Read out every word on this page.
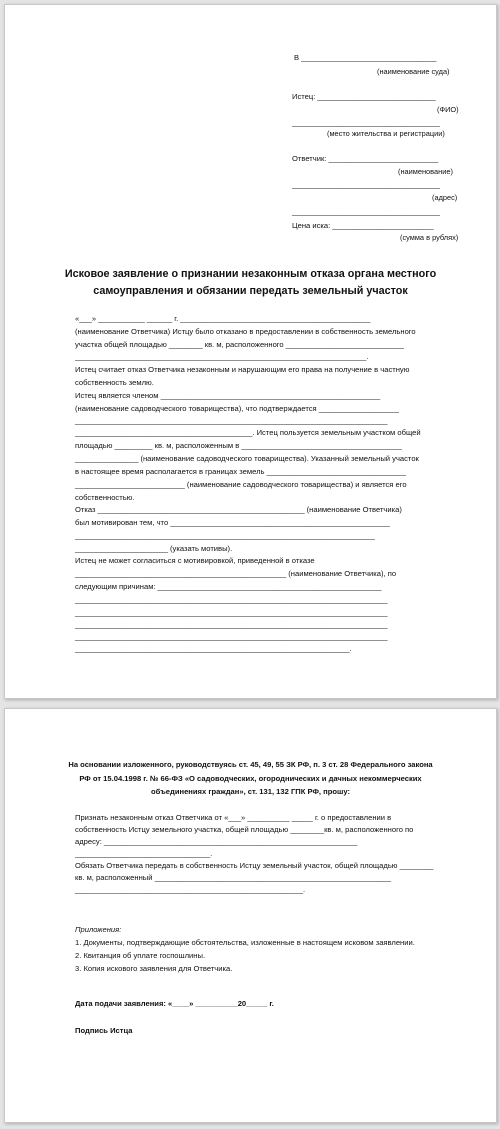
В ________________________________

(наименование суда)

Истец: ____________________________

(ФИО)

___________________________________

(место жительства и регистрации)

Ответчик: __________________________

(наименование)

___________________________________

(адрес)

___________________________________

Цена иска: ________________________

(сумма в рублях)

Исковое заявление о признании незаконным отказа органа местного

самоуправления и обязании передать земельный участок

«___» ___________ ______ г. _____________________________________________

(наименование Ответчика) Истцу было отказано в предоставлении в собственность земельного

участка общей площадью ________ кв. м, расположенного ____________________________

_____________________________________________________________________.

Истец считает отказ Ответчика незаконным и нарушающим его права на получение в частную

собственность землю.

Истец является членом ____________________________________________________

(наименование садоводческого товарищества), что подтверждается ___________________

__________________________________________________________________________

__________________________________________. Истец пользуется земельным участком общей

площадью _________ кв. м, расположенным в ______________________________________

_______________ (наименование садоводческого товарищества). Указанный земельный участок

в настоящее время располагается в границах земель _________________________________

__________________________ (наименование садоводческого товарищества) и является его

собственностью.

Отказ _________________________________________________ (наименование Ответчика)

был мотивирован тем, что ____________________________________________________

_______________________________________________________________________

______________________ (указать мотивы).

Истец не может согласиться с мотивировкой, приведенной в отказе

__________________________________________________ (наименование Ответчика), по

следующим причинам: _____________________________________________________

__________________________________________________________________________

__________________________________________________________________________

__________________________________________________________________________

__________________________________________________________________________

_________________________________________________________________.

На основании изложенного, руководствуясь ст. 45, 49, 55 ЗК РФ, п. 3 ст. 28 Федерального закона

РФ от 15.04.1998 г. № 66-ФЗ «О садоводческих, огороднических и дачных некоммерческих

объединениях граждан», ст. 131, 132 ГПК РФ, прошу:

Признать незаконным отказ Ответчика от «___» __________ _____ г. о предоставлении в

собственность Истцу земельного участка, общей площадью ________кв. м, расположенного по

адресу: ____________________________________________________________

________________________________.

Обязать Ответчика передать в собственность Истцу земельный участок, общей площадью ________

кв. м, расположенный ________________________________________________________

______________________________________________________.

Приложения:

1. Документы, подтверждающие обстоятельства, изложенные в настоящем исковом заявлении.

2. Квитанция об уплате госпошлины.

3. Копия искового заявления для Ответчика.

Дата подачи заявления: «____» __________20_____ г.

Подпись Истца
